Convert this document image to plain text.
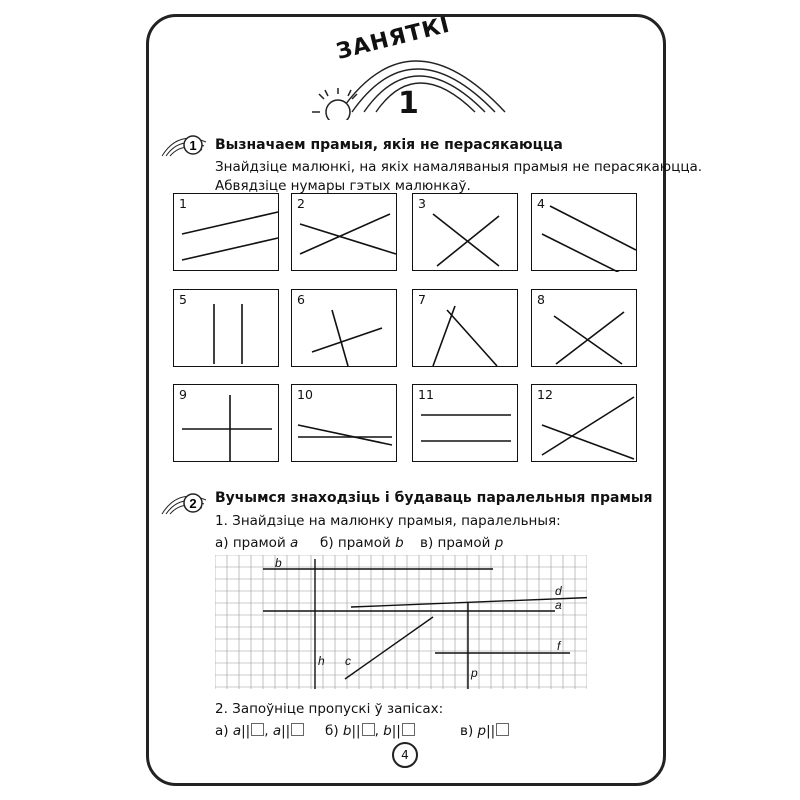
ЗАНЯТКІ
1
1 Вызначаем прамыя, якія не перасякаюцца
Знайдзіце малюнкі, на якіх намаляваныя прамыя не перасякаюцца.
Абвядзіце нумары гэтых малюнкаў.
1	2	3	4
5	6	7	8
9	10	11	12
2 Вучымся знаходзіць і будаваць паралельныя прамыя
1. Знайдзіце на малюнку прамыя, паралельныя:
а) прамой a б) прамой b в) прамой p
b
d
a
f
h c
p
2. Запоўніце пропускі ў запісах:
а) a|| , a||	б) b|| , b||	в) p||
4
